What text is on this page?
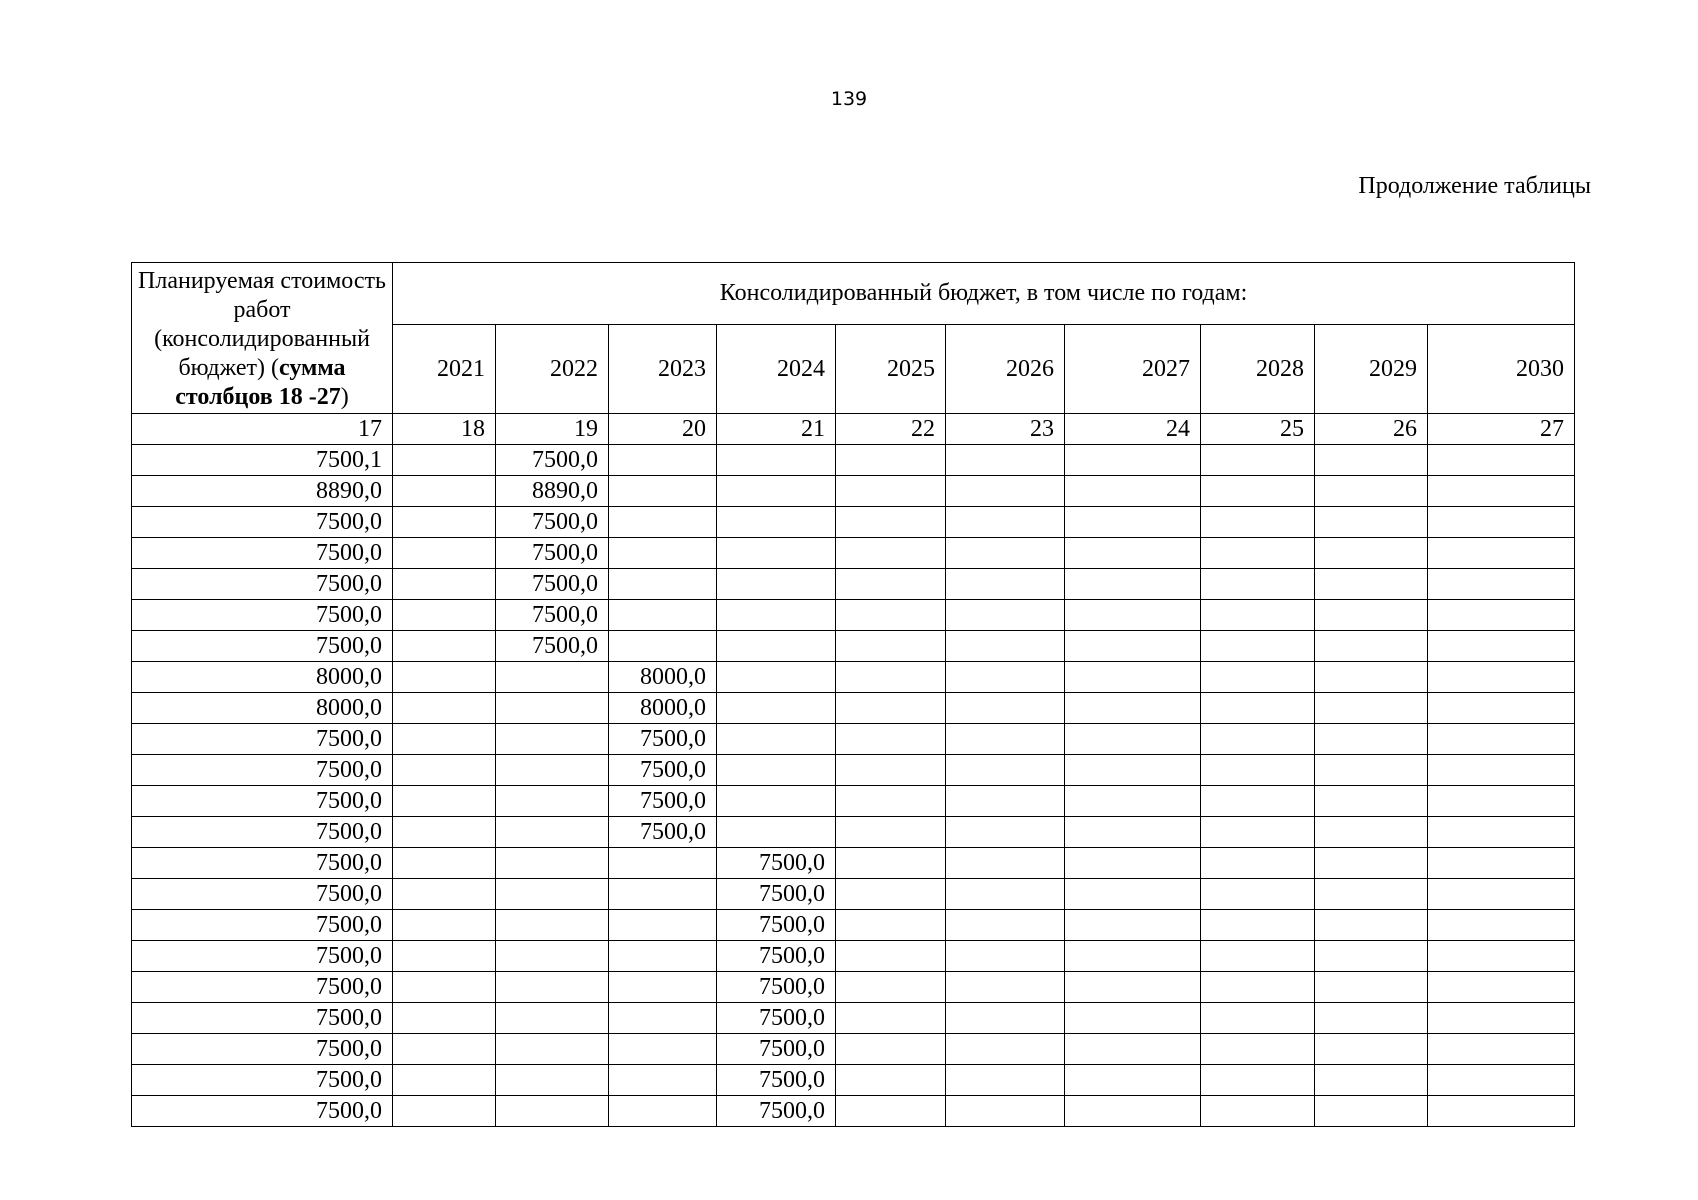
139
Продолжение таблицы
Планируемая стоимость работ (консолидированный бюджет) (сумма столбцов 18 -27)	Консолидированный бюджет, в том числе по годам:									
	2021	2022	2023	2024	2025	2026	2027	2028	2029	2030
17	18	19	20	21	22	23	24	25	26	27
7500,1		7500,0								
8890,0		8890,0								
7500,0		7500,0								
7500,0		7500,0								
7500,0		7500,0								
7500,0		7500,0								
7500,0		7500,0								
8000,0			8000,0							
8000,0			8000,0							
7500,0			7500,0							
7500,0			7500,0							
7500,0			7500,0							
7500,0			7500,0							
7500,0				7500,0						
7500,0				7500,0						
7500,0				7500,0						
7500,0				7500,0						
7500,0				7500,0						
7500,0				7500,0						
7500,0				7500,0						
7500,0				7500,0						
7500,0				7500,0						
